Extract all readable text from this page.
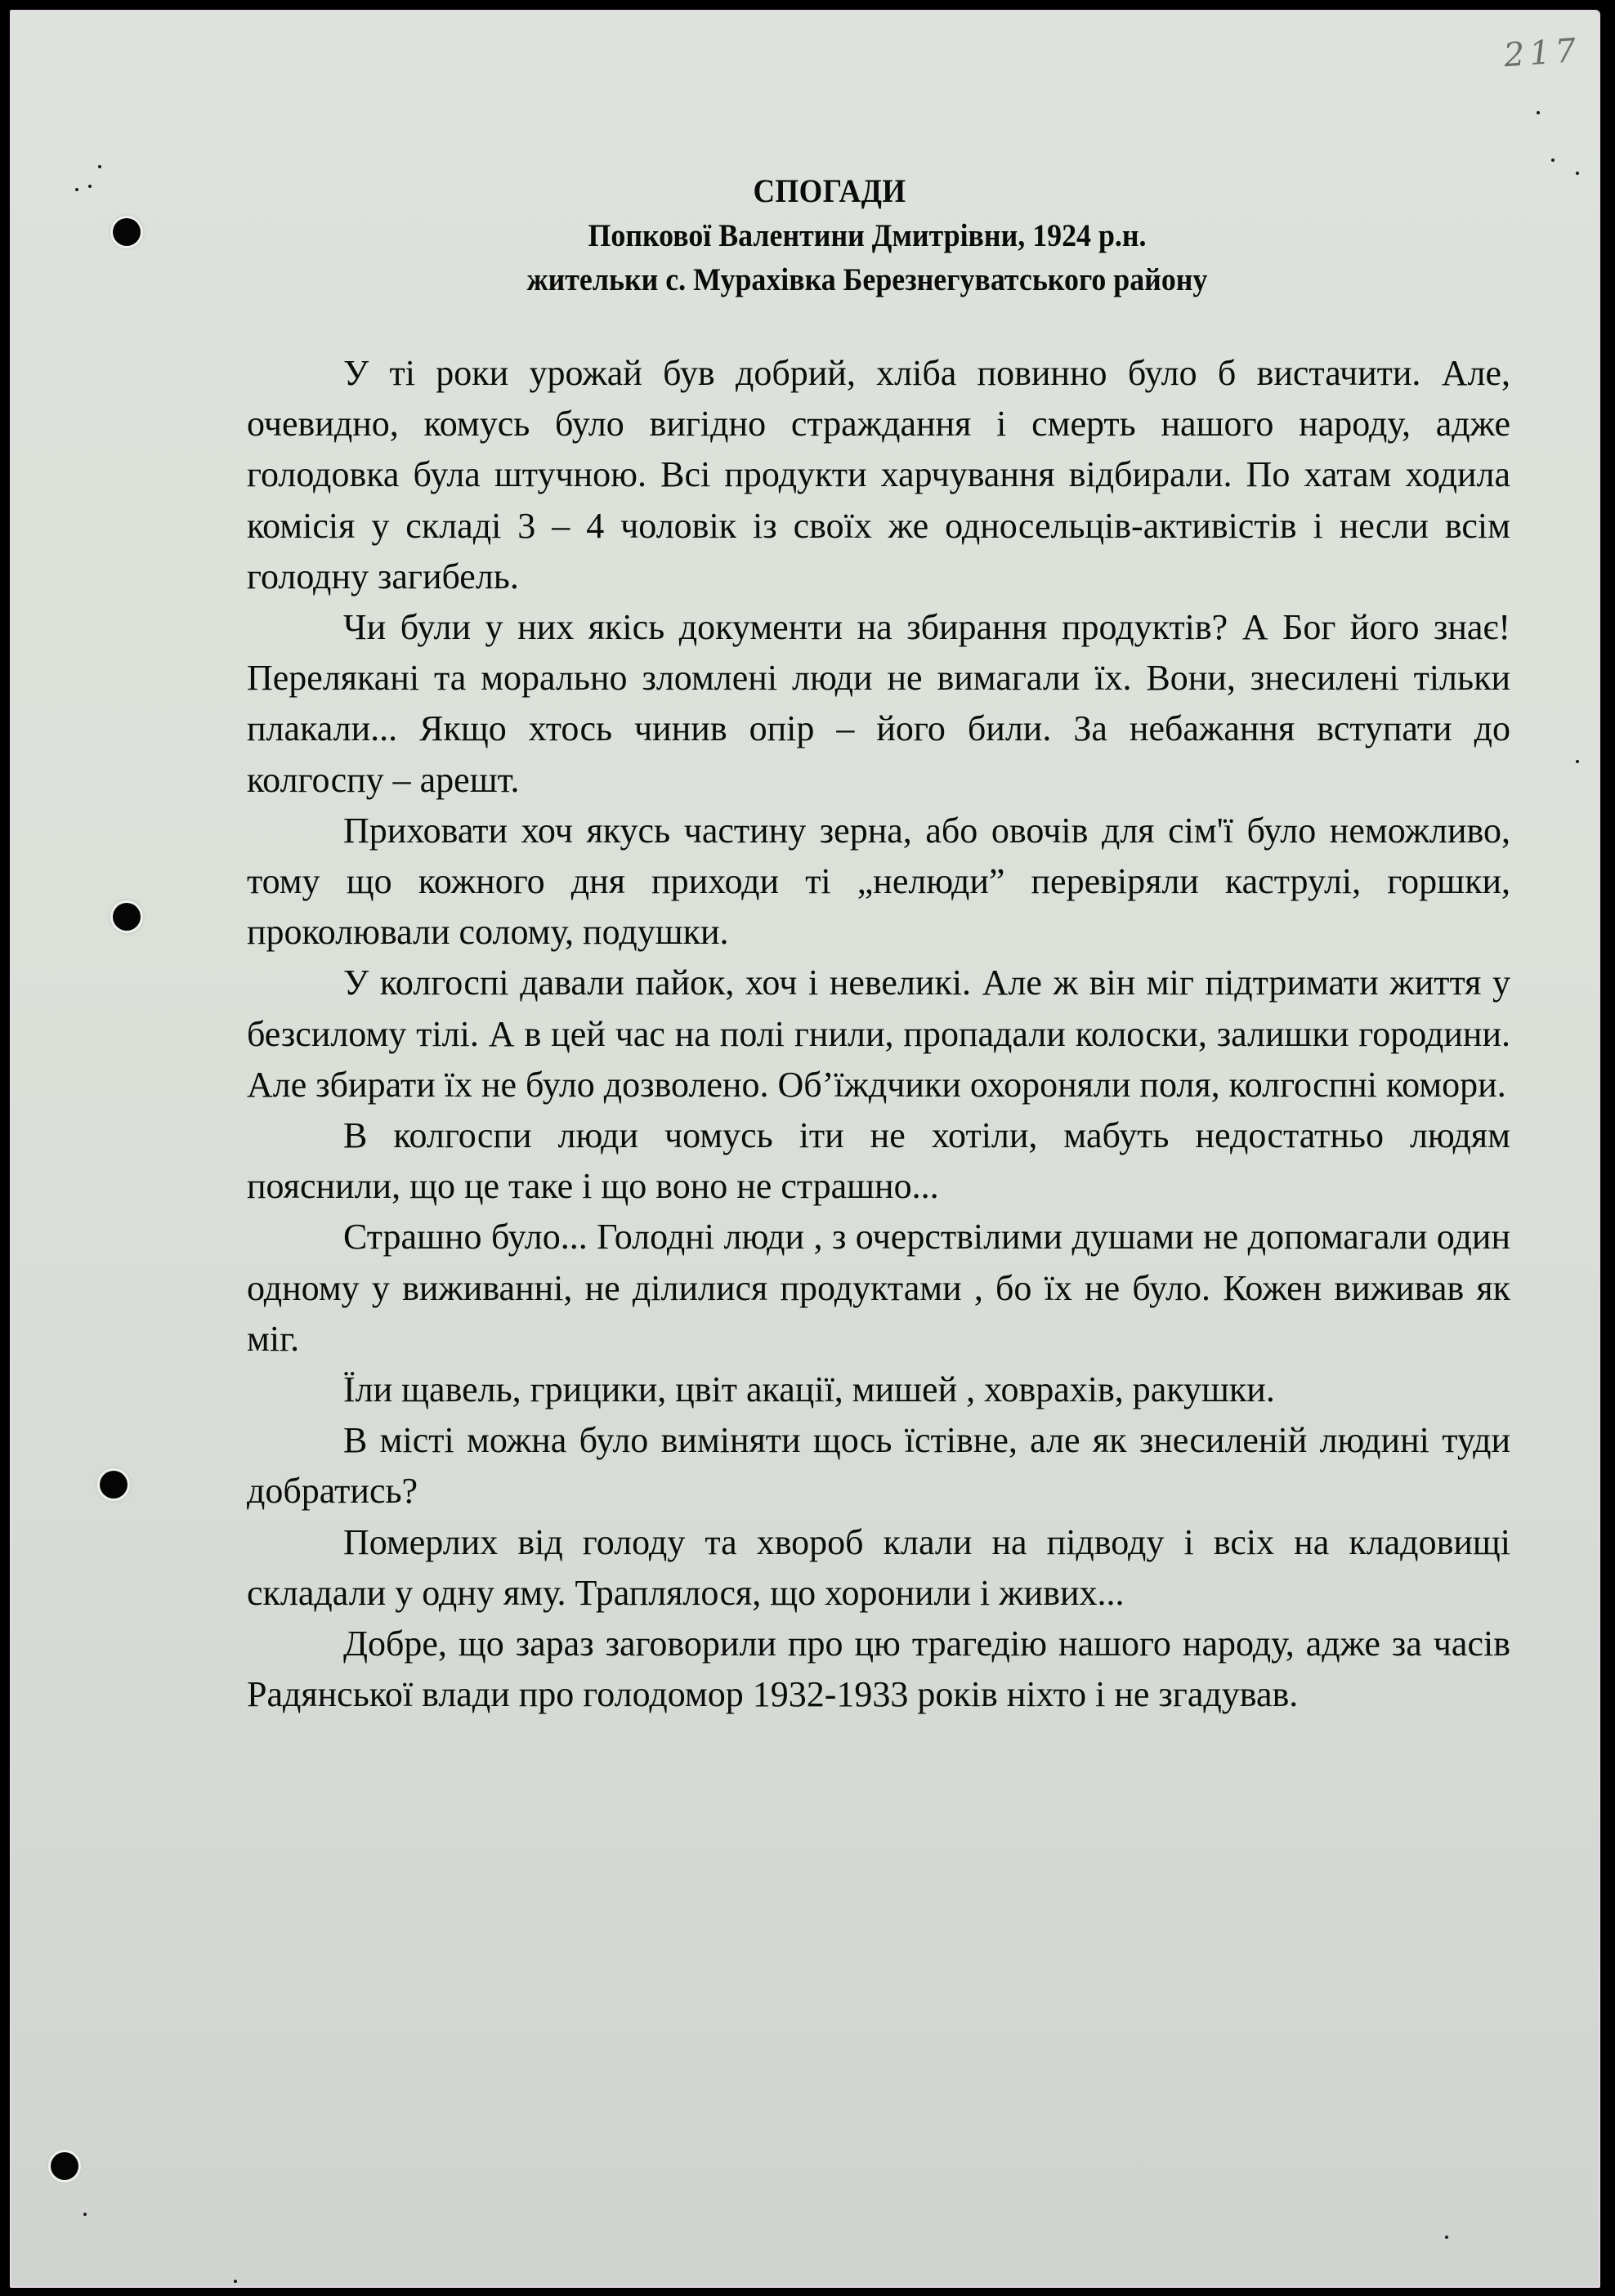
217
СПОГАДИ
Попкової Валентини Дмитрівни, 1924 р.н.
жительки с. Мурахівка Березнегуватського району

У ті роки урожай був добрий, хліба повинно було б вистачити. Але, очевидно, комусь було вигідно страждання і смерть нашого народу, адже голодовка була штучною. Всі продукти харчування відбирали. По хатам ходила комісія у складі 3 – 4 чоловік із своїх же односельців-активістів і несли всім голодну загибель.

Чи були у них якісь документи на збирання продуктів? А Бог його знає! Перелякані та морально зломлені люди не вимагали їх. Вони, знесилені тільки плакали... Якщо хтось чинив опір – його били. За небажання вступати до колгоспу – арешт.

Приховати хоч якусь частину зерна, або овочів для сім'ї було неможливо, тому що кожного дня приходи ті „нелюди” перевіряли каструлі, горшки, проколювали солому, подушки.

У колгоспі давали пайок, хоч і невеликі. Але ж він міг підтримати життя у безсилому тілі. А в цей час на полі гнили, пропадали колоски, залишки городини. Але збирати їх не було дозволено. Об’їждчики охороняли поля, колгоспні комори.

В колгоспи люди чомусь іти не хотіли, мабуть недостатньо людям пояснили, що це таке і що воно не страшно...

Страшно було... Голодні люди , з очерствілими душами не допомагали один одному у виживанні, не ділилися продуктами , бо їх не було. Кожен виживав як міг.

Їли щавель, грицики, цвіт акації, мишей , ховрахів, ракушки.

В місті можна було виміняти щось їстівне, але як знесиленій людині туди добратись?

Померлих від голоду та хвороб клали на підводу і всіх на кладовищі складали у одну яму. Траплялося, що хоронили і живих...

Добре, що зараз заговорили про цю трагедію нашого народу, адже за часів Радянської влади про голодомор 1932-1933 років ніхто і не згадував.
